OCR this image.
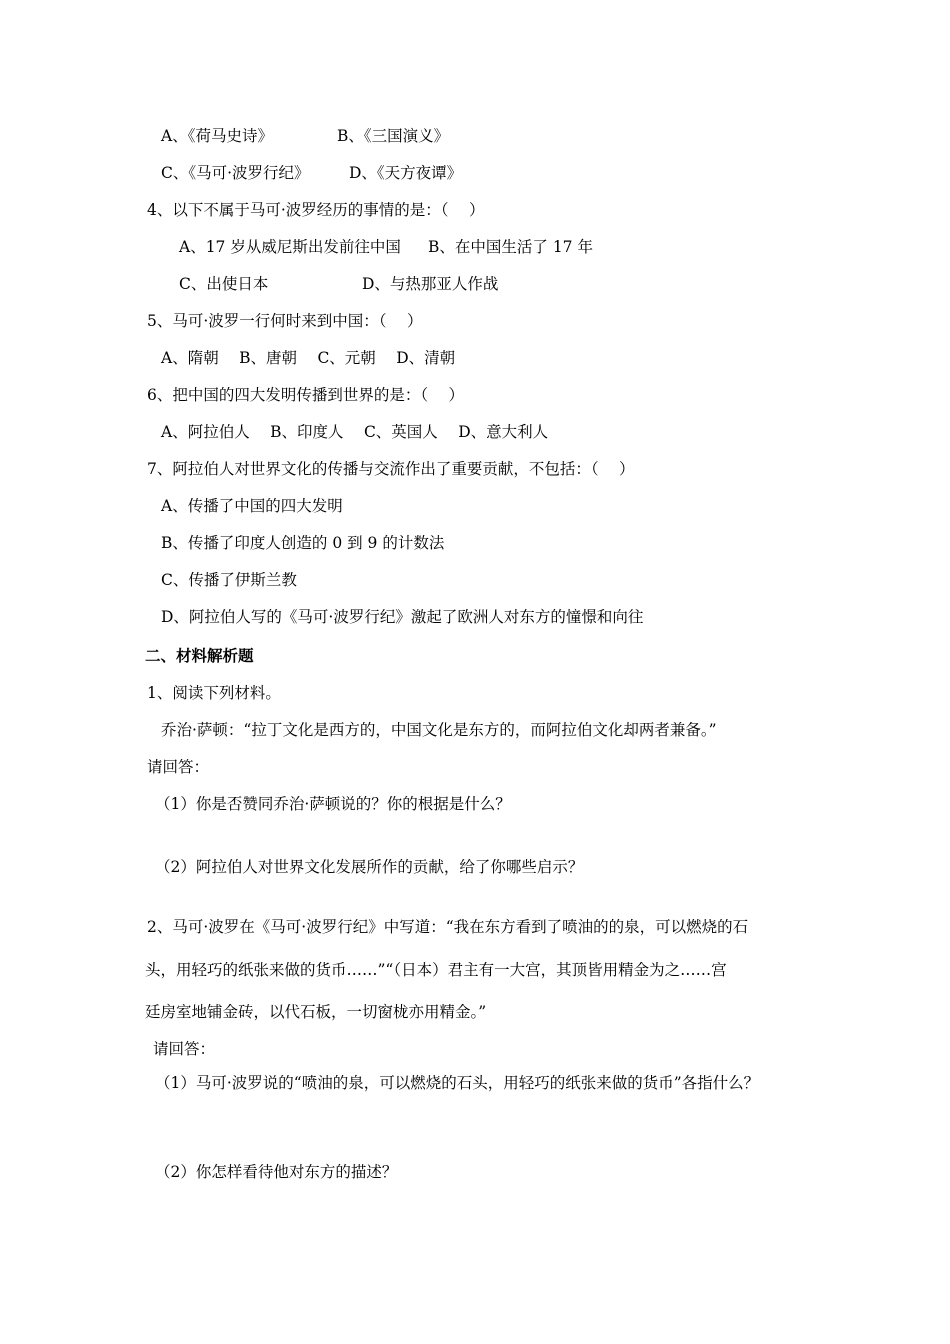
A、《荷马史诗》	B、《三国演义》
C、《马可·波罗行纪》	D、《天方夜谭》
4、以下不属于马可·波罗经历的事情的是：（　 ）
A、17 岁从威尼斯出发前往中国 B、在中国生活了 17 年
C、出使日本	D、与热那亚人作战
5、马可·波罗一行何时来到中国：（　 ）
A、隋朝　 B、唐朝　 C、元朝　 D、清朝
6、把中国的四大发明传播到世界的是：（　 ）
A、阿拉伯人　 B、印度人　 C、英国人　 D、意大利人
7、阿拉伯人对世界文化的传播与交流作出了重要贡献，不包括：（　 ）
A、传播了中国的四大发明
B、传播了印度人创造的 0 到 9 的计数法
C、传播了伊斯兰教
D、阿拉伯人写的《马可·波罗行纪》激起了欧洲人对东方的憧憬和向往
二、材料解析题
1、阅读下列材料。
乔治·萨顿：“拉丁文化是西方的，中国文化是东方的，而阿拉伯文化却两者兼备。”
请回答：
（1）你是否赞同乔治·萨顿说的？你的根据是什么？
（2）阿拉伯人对世界文化发展所作的贡献，给了你哪些启示？
2、马可·波罗在《马可·波罗行纪》中写道：“我在东方看到了喷油的的泉，可以燃烧的石
头，用轻巧的纸张来做的货币……”“（日本）君主有一大宫，其顶皆用精金为之……宫
廷房室地铺金砖，以代石板，一切窗栊亦用精金。”
请回答：
（1）马可·波罗说的“喷油的泉，可以燃烧的石头，用轻巧的纸张来做的货币”各指什么？
（2）你怎样看待他对东方的描述？
